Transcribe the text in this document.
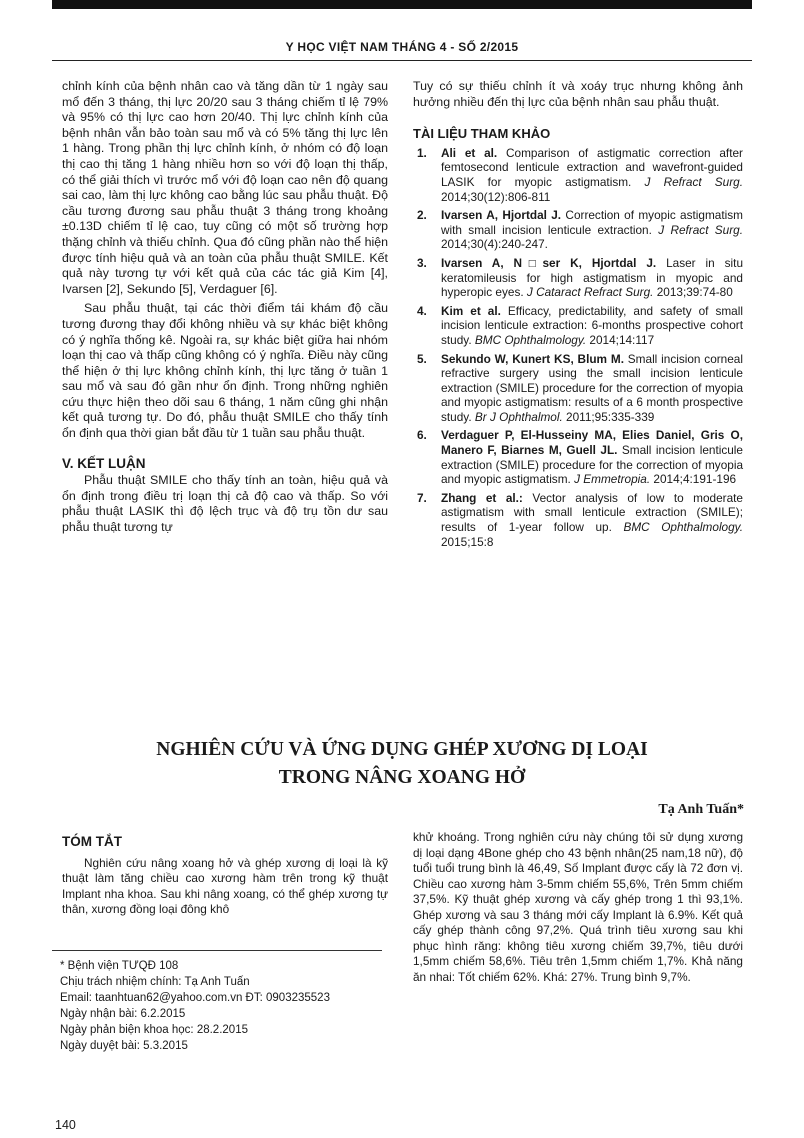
Y HỌC VIỆT NAM THÁNG 4 - SỐ 2/2015

chỉnh kính của bệnh nhân cao và tăng dần từ 1 ngày sau mổ đến 3 tháng, thị lực 20/20 sau 3 tháng chiếm tỉ lệ 79% và 95% có thị lực cao hơn 20/40. Thị lực chỉnh kính của bệnh nhân vẫn bảo toàn sau mổ và có 5% tăng thị lực lên 1 hàng. Trong phần thị lực chỉnh kính, ở nhóm có độ loạn thị cao thị tăng 1 hàng nhiều hơn so với độ loạn thị thấp, có thể giải thích vì trước mổ với độ loạn cao nên độ quang sai cao, làm thị lực không cao bằng lúc sau phẫu thuật. Độ cầu tương đương sau phẫu thuật 3 tháng trong khoảng ±0.13D chiếm tỉ lệ cao, tuy cũng có một số trường hợp thặng chỉnh và thiếu chỉnh. Qua đó cũng phần nào thể hiện được tính hiệu quả và an toàn của phẫu thuật SMILE. Kết quả này tương tự với kết quả của các tác giả Kim [4], Ivarsen [2], Sekundo [5], Verdaguer [6].

Sau phẫu thuật, tại các thời điểm tái khám độ cầu tương đương thay đổi không nhiều và sự khác biệt không có ý nghĩa thống kê. Ngoài ra, sự khác biệt giữa hai nhóm loạn thị cao và thấp cũng không có ý nghĩa. Điều này cũng thể hiện ở thị lực không chỉnh kính, thị lực tăng ở tuần 1 sau mổ và sau đó gần như ổn định. Trong những nghiên cứu thực hiện theo dõi sau 6 tháng, 1 năm cũng ghi nhận kết quả tương tự. Do đó, phẫu thuật SMILE cho thấy tính ổn định qua thời gian bắt đầu từ 1 tuần sau phẫu thuật.

V. KẾT LUẬN

Phẫu thuật SMILE cho thấy tính an toàn, hiệu quả và ổn định trong điều trị loạn thị cả độ cao và thấp. So với phẫu thuật LASIK thì độ lệch trục và độ trụ tồn dư sau phẫu thuật tương tự

Tuy có sự thiếu chỉnh ít và xoáy trục nhưng không ảnh hưởng nhiều đến thị lực của bệnh nhân sau phẫu thuật.

TÀI LIỆU THAM KHẢO

1. Ali et al. Comparison of astigmatic correction after femtosecond lenticule extraction and wavefront-guided LASIK for myopic astigmatism. J Refract Surg. 2014;30(12):806-811
2. Ivarsen A, Hjortdal J. Correction of myopic astigmatism with small incision lenticule extraction. J Refract Surg. 2014;30(4):240-247.
3. Ivarsen A, N□ser K, Hjortdal J. Laser in situ keratomileusis for high astigmatism in myopic and hyperopic eyes. J Cataract Refract Surg. 2013;39:74-80
4. Kim et al. Efficacy, predictability, and safety of small incision lenticule extraction: 6-months prospective cohort study. BMC Ophthalmology. 2014;14:117
5. Sekundo W, Kunert KS, Blum M. Small incision corneal refractive surgery using the small incision lenticule extraction (SMILE) procedure for the correction of myopia and myopic astigmatism: results of a 6 month prospective study. Br J Ophthalmol. 2011;95:335-339
6. Verdaguer P, El-Husseiny MA, Elies Daniel, Gris O, Manero F, Biarnes M, Guell JL. Small incision lenticule extraction (SMILE) procedure for the correction of myopia and myopic astigmatism. J Emmetropia. 2014;4:191-196
7. Zhang et al.: Vector analysis of low to moderate astigmatism with small lenticule extraction (SMILE); results of 1-year follow up. BMC Ophthalmology. 2015;15:8
NGHIÊN CỨU VÀ ỨNG DỤNG GHÉP XƯƠNG DỊ LOẠI
TRONG NÂNG XOANG HỞ
Tạ Anh Tuấn*

TÓM TẮT

Nghiên cứu nâng xoang hở và ghép xương dị loại là kỹ thuật làm tăng chiều cao xương hàm trên trong kỹ thuật Implant nha khoa. Sau khi nâng xoang, có thể ghép xương tự thân, xương đồng loại đông khô

khử khoáng. Trong nghiên cứu này chúng tôi sử dụng xương dị loại dạng 4Bone ghép cho 43 bệnh nhân(25 nam,18 nữ), độ tuổi tuổi trung bình là 46,49, Số Implant được cấy là 72 đơn vị. Chiều cao xương hàm 3-5mm chiếm 55,6%, Trên 5mm chiếm 37,5%. Kỹ thuật ghép xương và cấy ghép trong 1 thì 93,1%. Ghép xương và sau 3 tháng mới cấy Implant là 6.9%. Kết quả cấy ghép thành công 97,2%. Quá trình tiêu xương sau khi phục hình răng: không tiêu xương chiếm 39,7%, tiêu dưới 1,5mm chiếm 58,6%. Tiêu trên 1,5mm chiếm 1,7%. Khả năng ăn nhai: Tốt chiếm 62%. Khá: 27%. Trung bình 9,7%.

* Bệnh viện TƯQĐ 108
Chịu trách nhiệm chính: Tạ Anh Tuấn
Email: taanhtuan62@yahoo.com.vn ĐT: 0903235523
Ngày nhận bài: 6.2.2015
Ngày phản biện khoa học: 28.2.2015
Ngày duyệt bài: 5.3.2015
140
